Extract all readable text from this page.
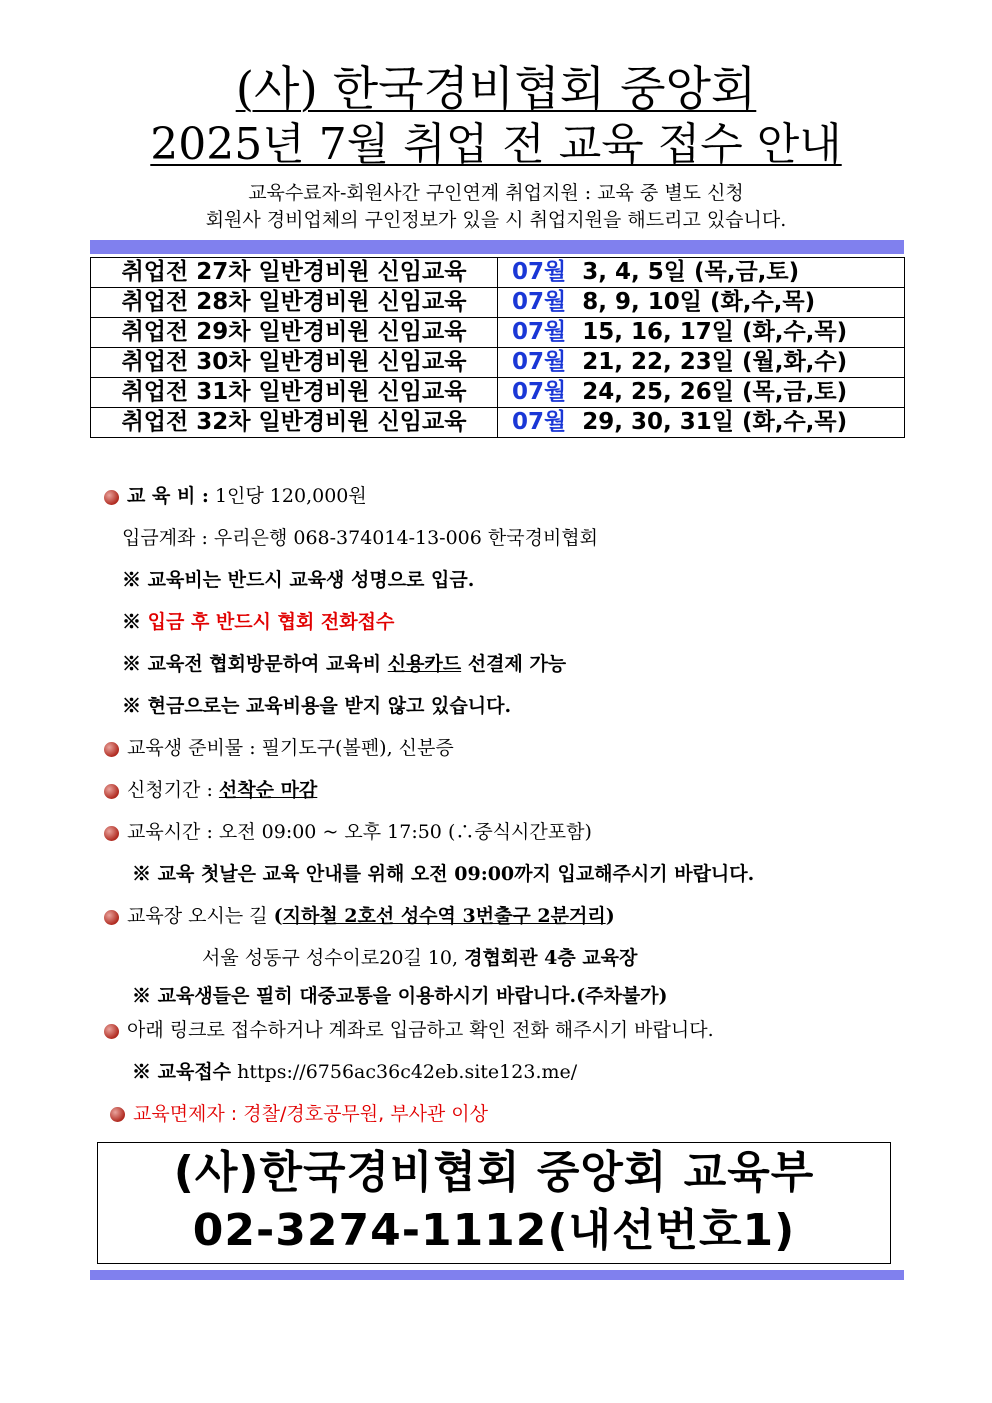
(사) 한국경비협회 중앙회
2025년 7월 취업 전 교육 접수 안내
교육수료자-회원사간 구인연계 취업지원 : 교육 중 별도 신청
회원사 경비업체의 구인정보가 있을 시 취업지원을 해드리고 있습니다.
취업전 27차 일반경비원 신임교육	07월  3, 4, 5일 (목,금,토)
취업전 28차 일반경비원 신임교육	07월  8, 9, 10일 (화,수,목)
취업전 29차 일반경비원 신임교육	07월  15, 16, 17일 (화,수,목)
취업전 30차 일반경비원 신임교육	07월  21, 22, 23일 (월,화,수)
취업전 31차 일반경비원 신임교육	07월  24, 25, 26일 (목,금,토)
취업전 32차 일반경비원 신임교육	07월  29, 30, 31일 (화,수,목)
교 육 비 : 1인당 120,000원
입금계좌 : 우리은행 068-374014-13-006 한국경비협회
※ 교육비는 반드시 교육생 성명으로 입금.
※ 입금 후 반드시 협회 전화접수
※ 교육전 협회방문하여 교육비 신용카드 선결제 가능
※ 현금으로는 교육비용을 받지 않고 있습니다.
교육생 준비물 : 필기도구(볼펜), 신분증
신청기간 : 선착순 마감
교육시간 : 오전 09:00 ~ 오후 17:50 (∴중식시간포함)
※ 교육 첫날은 교육 안내를 위해 오전 09:00까지 입교해주시기 바랍니다.
교육장 오시는 길 (지하철 2호선 성수역 3번출구 2분거리)
서울 성동구 성수이로20길 10, 경협회관 4층 교육장
※ 교육생들은 필히 대중교통을 이용하시기 바랍니다.(주차불가)
아래 링크로 접수하거나 계좌로 입금하고 확인 전화 해주시기 바랍니다.
※ 교육접수 https://6756ac36c42eb.site123.me/
교육면제자 : 경찰/경호공무원, 부사관 이상
(사)한국경비협회 중앙회 교육부
02-3274-1112(내선번호1)
